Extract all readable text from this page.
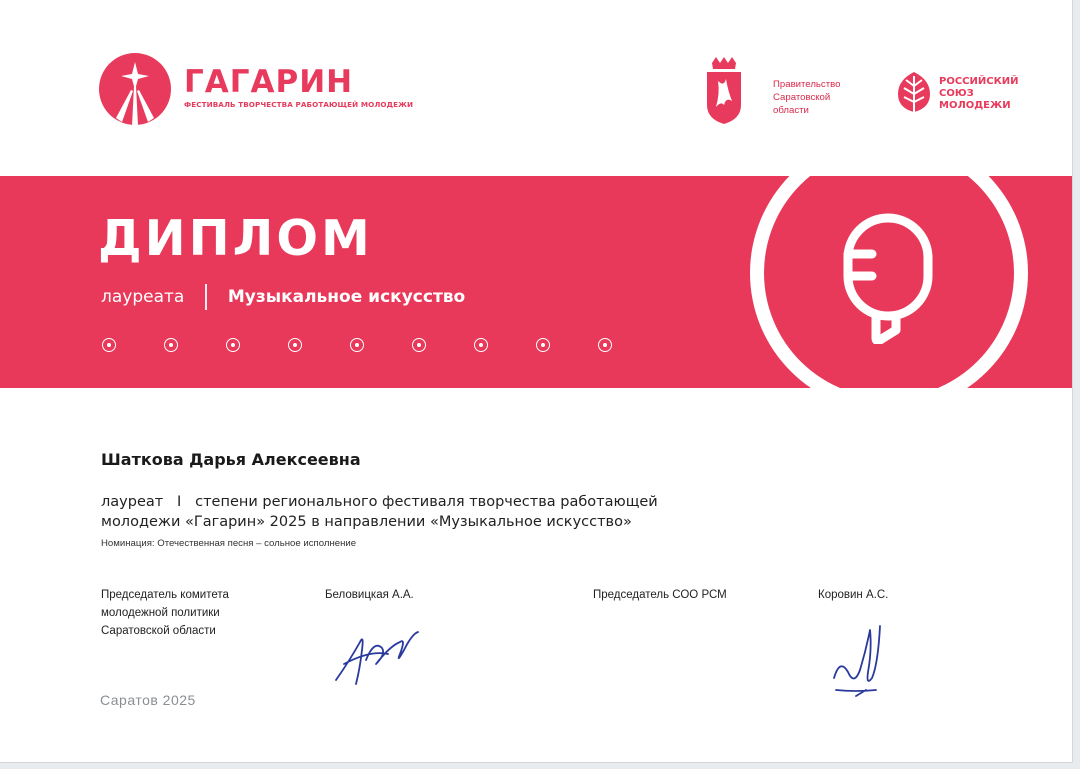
ГАГАРИН
ФЕСТИВАЛЬ ТВОРЧЕСТВА РАБОТАЮЩЕЙ МОЛОДЕЖИ
Правительство
Саратовской
области
РОССИЙСКИЙ
СОЮЗ
МОЛОДЕЖИ
ДИПЛОМ
лауреата	Музыкальное искусство
Шаткова Дарья Алексеевна
лауреат   I   степени регионального фестиваля творчества работающей
молодежи «Гагарин» 2025 в направлении «Музыкальное искусство»
Номинация: Отечественная песня – сольное исполнение
Председатель комитета
молодежной политики
Саратовской области
Беловицкая А.А.	Председатель СОО РСМ	Коровин А.С.
Саратов 2025
